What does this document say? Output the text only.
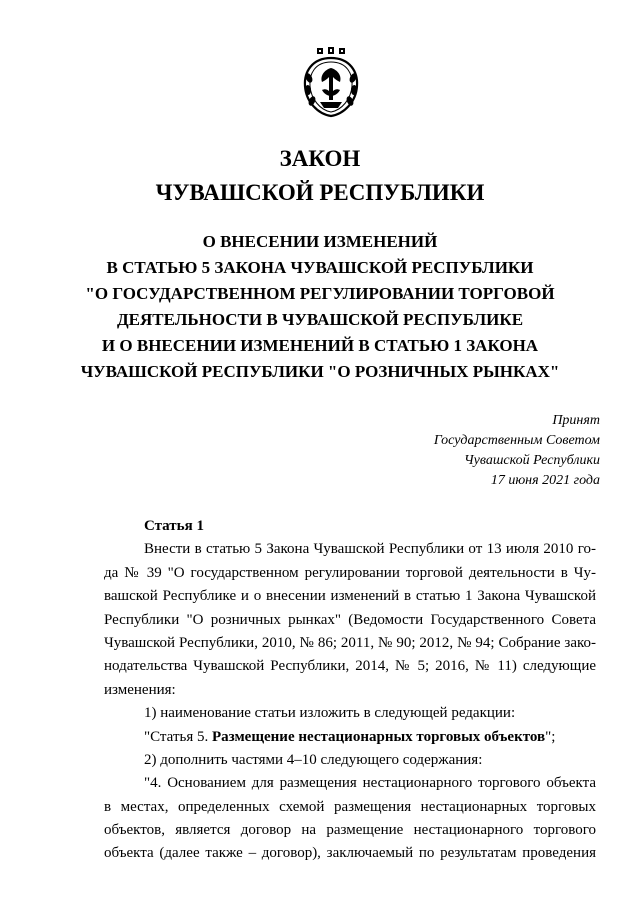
ЗАКОН
ЧУВАШСКОЙ РЕСПУБЛИКИ
О ВНЕСЕНИИ ИЗМЕНЕНИЙ
В СТАТЬЮ 5 ЗАКОНА ЧУВАШСКОЙ РЕСПУБЛИКИ
"О ГОСУДАРСТВЕННОМ РЕГУЛИРОВАНИИ ТОРГОВОЙ
ДЕЯТЕЛЬНОСТИ В ЧУВАШСКОЙ РЕСПУБЛИКЕ
И О ВНЕСЕНИИ ИЗМЕНЕНИЙ В СТАТЬЮ 1 ЗАКОНА
ЧУВАШСКОЙ РЕСПУБЛИКИ "О РОЗНИЧНЫХ РЫНКАХ"
Принят
Государственным Советом
Чувашской Республики
17 июня 2021 года
Статья 1
Внести в статью 5 Закона Чувашской Республики от 13 июля 2010 го-
да № 39 "О государственном регулировании торговой деятельности в Чу-
вашской Республике и о внесении изменений в статью 1 Закона Чувашской
Республики "О розничных рынках" (Ведомости Государственного Совета
Чувашской Республики, 2010, № 86; 2011, № 90; 2012, № 94; Собрание зако-
нодательства Чувашской Республики, 2014, № 5; 2016, № 11) следующие
изменения:
1) наименование статьи изложить в следующей редакции:
"Статья 5. Размещение нестационарных торговых объектов";
2) дополнить частями 4–10 следующего содержания:
"4. Основанием для размещения нестационарного торгового объекта
в местах, определенных схемой размещения нестационарных торговых
объектов, является договор на размещение нестационарного торгового
объекта (далее также – договор), заключаемый по результатам проведения
